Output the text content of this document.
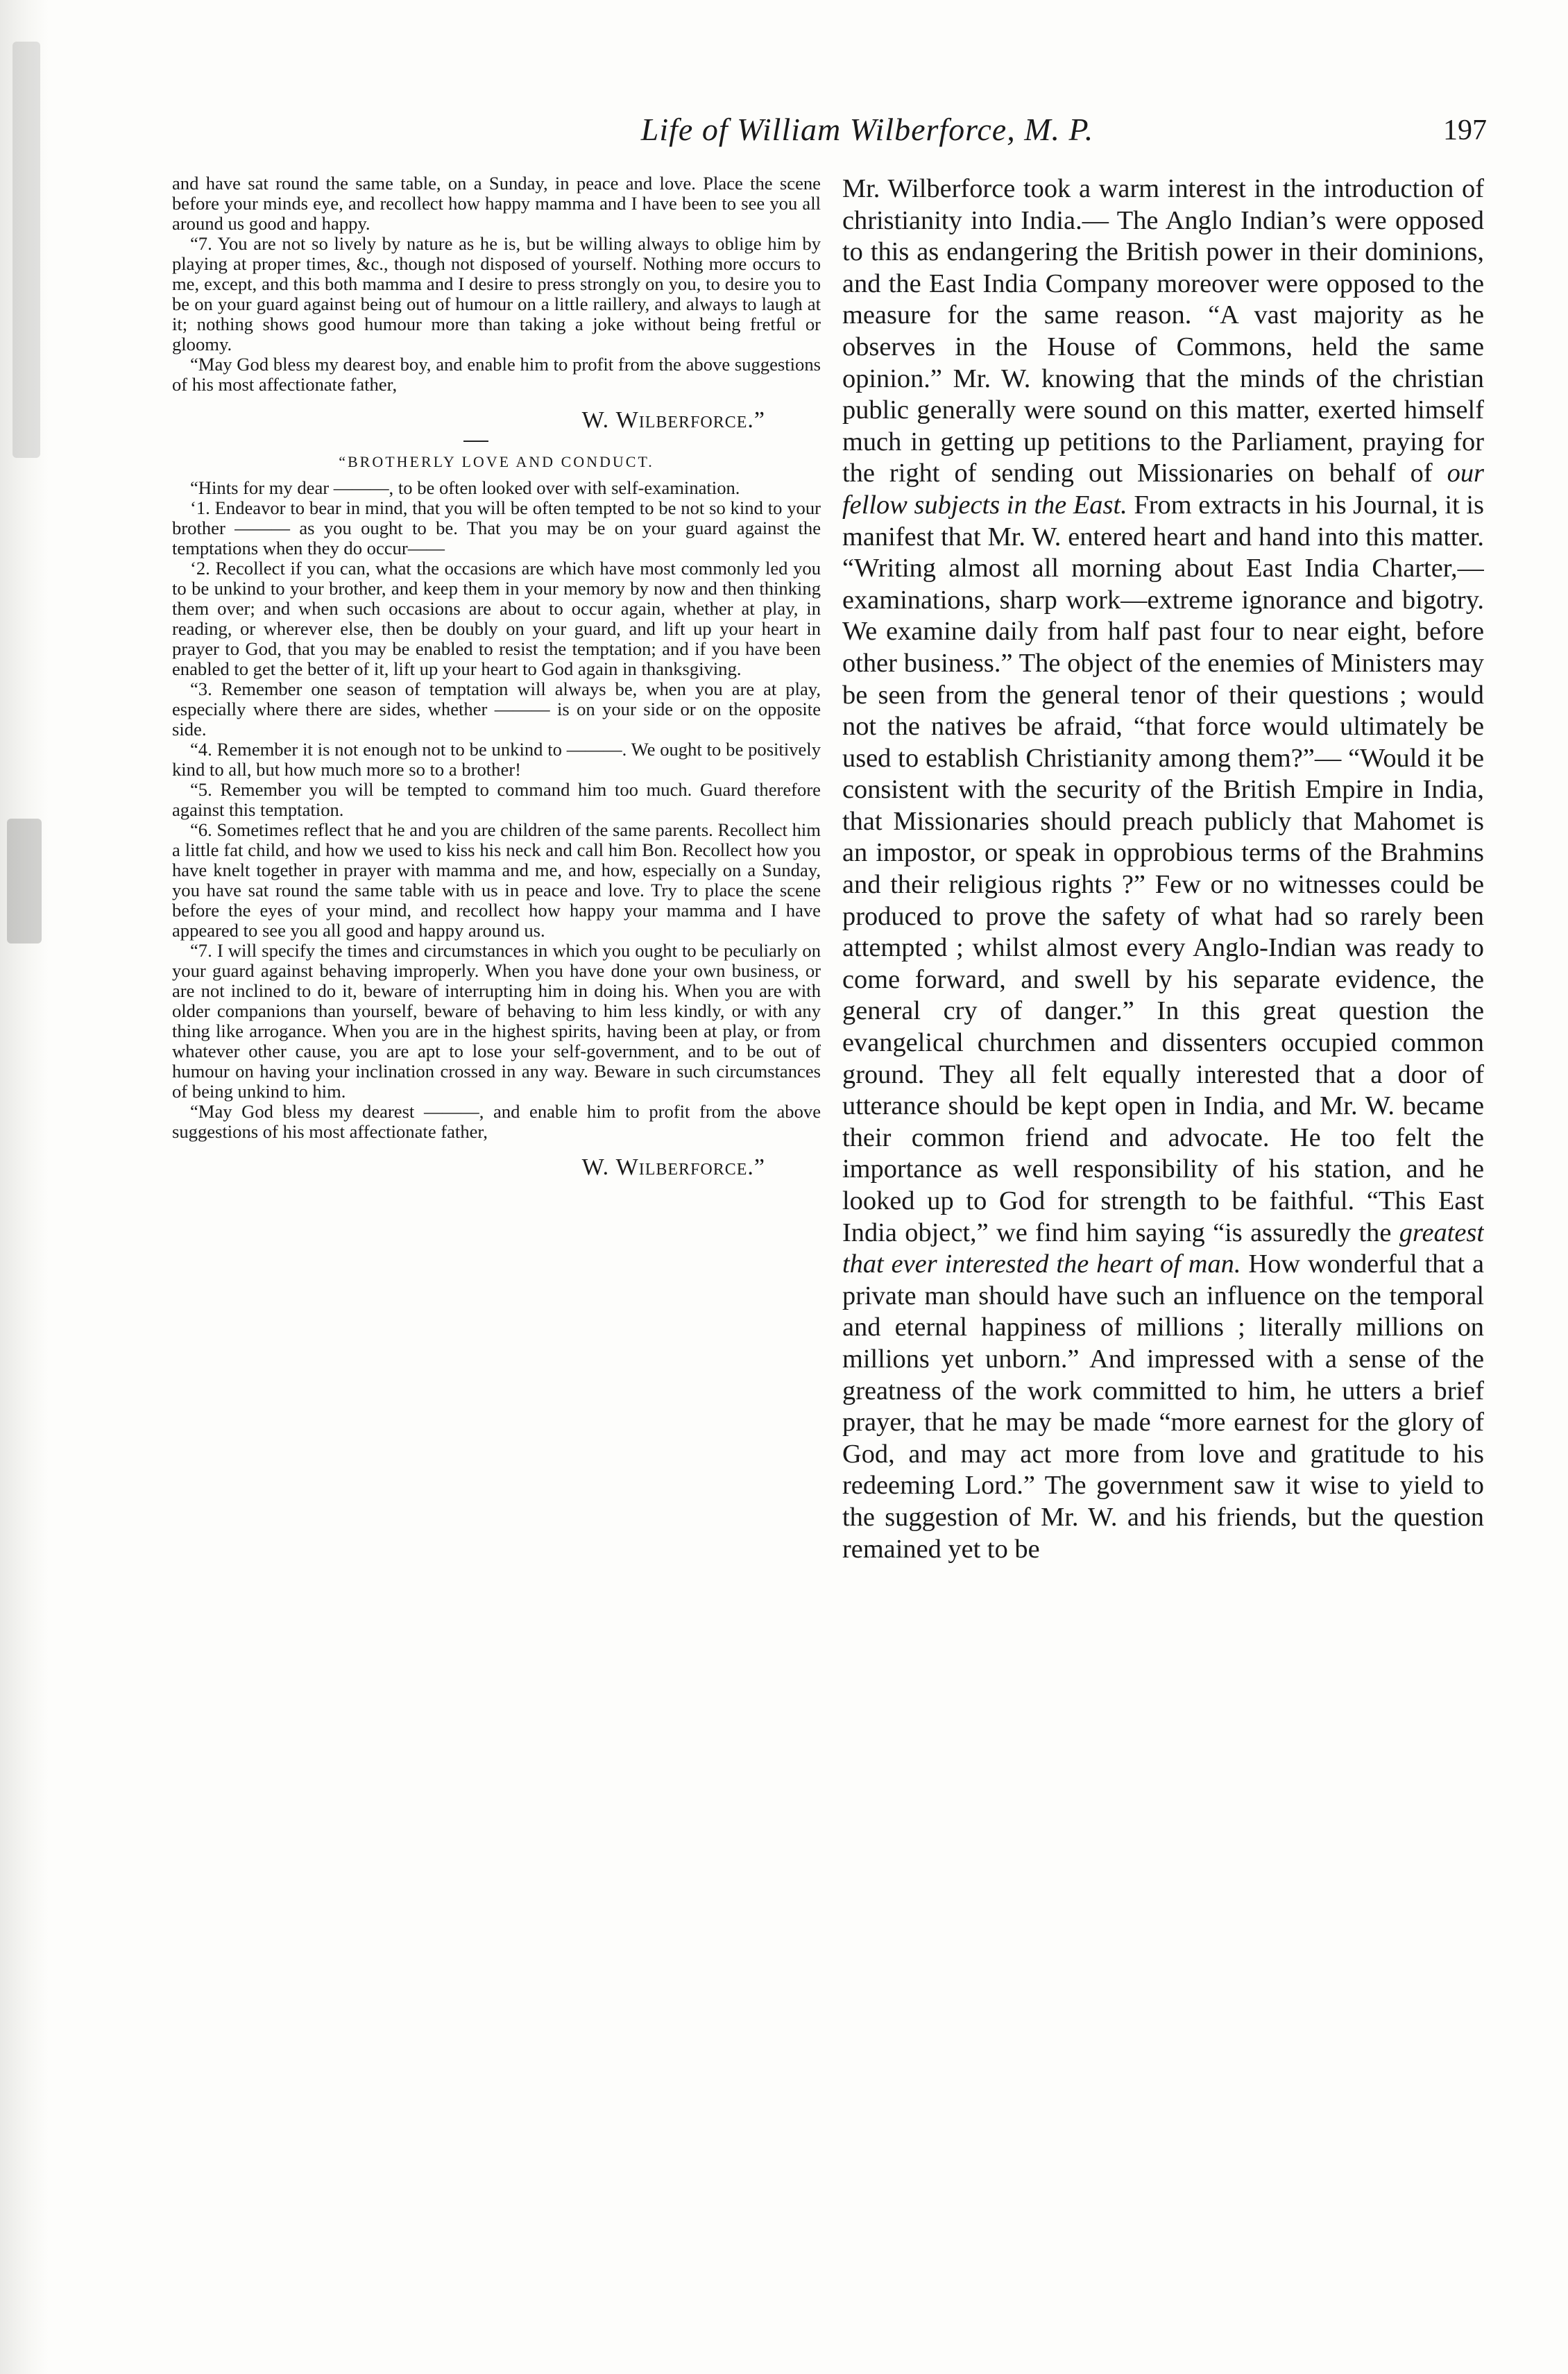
Life of William Wilberforce, M. P.	197

and have sat round the same table, on a Sunday, in peace and love. Place the scene before your minds eye, and recollect how happy mamma and I have been to see you all around us good and happy.

“7. You are not so lively by nature as he is, but be willing always to oblige him by playing at proper times, &c., though not disposed of yourself. Nothing more occurs to me, except, and this both mamma and I desire to press strongly on you, to desire you to be on your guard against being out of humour on a little raillery, and always to laugh at it; nothing shows good humour more than taking a joke without being fretful or gloomy.

“May God bless my dearest boy, and enable him to profit from the above suggestions of his most affectionate father,

W. Wilberforce.”
“BROTHERLY LOVE AND CONDUCT.

“Hints for my dear ———, to be often looked over with self-examination.

‘1. Endeavor to bear in mind, that you will be often tempted to be not so kind to your brother ——— as you ought to be. That you may be on your guard against the temptations when they do occur——

‘2. Recollect if you can, what the occasions are which have most commonly led you to be unkind to your brother, and keep them in your memory by now and then thinking them over; and when such occasions are about to occur again, whether at play, in reading, or wherever else, then be doubly on your guard, and lift up your heart in prayer to God, that you may be enabled to resist the temptation; and if you have been enabled to get the better of it, lift up your heart to God again in thanksgiving.

“3. Remember one season of temptation will always be, when you are at play, especially where there are sides, whether ——— is on your side or on the opposite side.

“4. Remember it is not enough not to be unkind to ———. We ought to be positively kind to all, but how much more so to a brother!

“5. Remember you will be tempted to command him too much. Guard therefore against this temptation.

“6. Sometimes reflect that he and you are children of the same parents. Recollect him a little fat child, and how we used to kiss his neck and call him Bon. Recollect how you have knelt together in prayer with mamma and me, and how, especially on a Sunday, you have sat round the same table with us in peace and love. Try to place the scene before the eyes of your mind, and recollect how happy your mamma and I have appeared to see you all good and happy around us.

“7. I will specify the times and circumstances in which you ought to be peculiarly on your guard against behaving improperly. When you have done your own business, or are not inclined to do it, beware of interrupting him in doing his. When you are with older companions than yourself, beware of behaving to him less kindly, or with any thing like arrogance. When you are in the highest spirits, having been at play, or from whatever other cause, you are apt to lose your self-government, and to be out of humour on having your inclination crossed in any way. Beware in such circumstances of being unkind to him.

“May God bless my dearest ———, and enable him to profit from the above suggestions of his most affectionate father,

W. Wilberforce.”

Mr. Wilberforce took a warm interest in the introduction of christianity into India.— The Anglo Indian’s were opposed to this as endangering the British power in their dominions, and the East India Company moreover were opposed to the measure for the same reason. “A vast majority as he observes in the House of Commons, held the same opinion.” Mr. W. knowing that the minds of the christian public generally were sound on this matter, exerted himself much in getting up petitions to the Parliament, praying for the right of sending out Missionaries on behalf of our fellow subjects in the East. From extracts in his Journal, it is manifest that Mr. W. entered heart and hand into this matter. “Writing almost all morning about East India Charter,—examinations, sharp work—extreme ignorance and bigotry. We examine daily from half past four to near eight, before other business.” The object of the enemies of Ministers may be seen from the general tenor of their questions ; would not the natives be afraid, “that force would ultimately be used to establish Christianity among them?”— “Would it be consistent with the security of the British Empire in India, that Missionaries should preach publicly that Mahomet is an impostor, or speak in opprobious terms of the Brahmins and their religious rights ?” Few or no witnesses could be produced to prove the safety of what had so rarely been attempted ; whilst almost every Anglo-Indian was ready to come forward, and swell by his separate evidence, the general cry of danger.” In this great question the evangelical churchmen and dissenters occupied common ground. They all felt equally interested that a door of utterance should be kept open in India, and Mr. W. became their common friend and advocate. He too felt the importance as well responsibility of his station, and he looked up to God for strength to be faithful. “This East India object,” we find him saying “is assuredly the greatest that ever interested the heart of man. How wonderful that a private man should have such an influence on the temporal and eternal happiness of millions ; literally millions on millions yet unborn.” And impressed with a sense of the greatness of the work committed to him, he utters a brief prayer, that he may be made “more earnest for the glory of God, and may act more from love and gratitude to his redeeming Lord.” The government saw it wise to yield to the suggestion of Mr. W. and his friends, but the question remained yet to be
